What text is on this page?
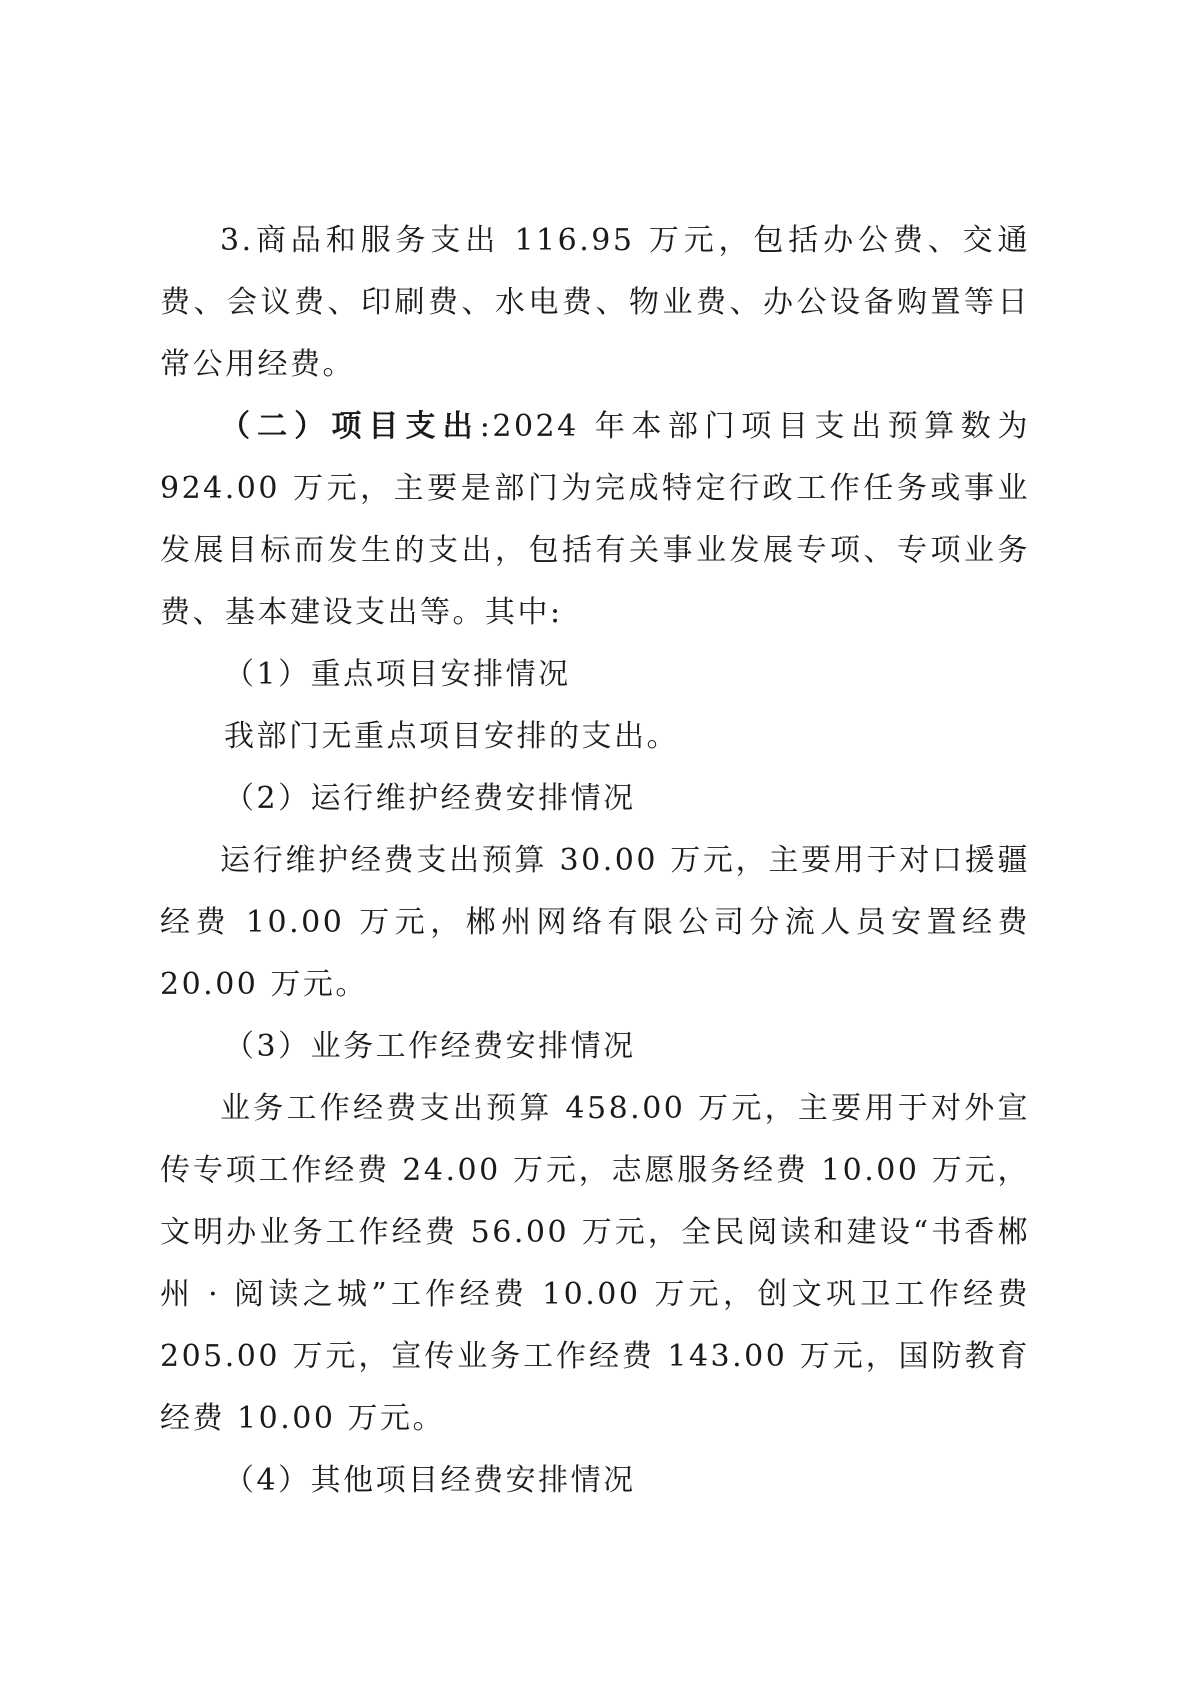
3.商品和服务支出 116.95 万元，包括办公费、交通费、会议费、印刷费、水电费、物业费、办公设备购置等日常公用经费。

（二）项目支出:2024 年本部门项目支出预算数为 924.00 万元，主要是部门为完成特定行政工作任务或事业发展目标而发生的支出，包括有关事业发展专项、专项业务费、基本建设支出等。其中:

（1）重点项目安排情况

我部门无重点项目安排的支出。

（2）运行维护经费安排情况

运行维护经费支出预算 30.00 万元，主要用于对口援疆经费 10.00 万元，郴州网络有限公司分流人员安置经费 20.00 万元。

（3）业务工作经费安排情况

业务工作经费支出预算 458.00 万元，主要用于对外宣传专项工作经费 24.00 万元，志愿服务经费 10.00 万元，文明办业务工作经费 56.00 万元，全民阅读和建设“书香郴州 · 阅读之城”工作经费 10.00 万元，创文巩卫工作经费 205.00 万元，宣传业务工作经费 143.00 万元，国防教育经费 10.00 万元。

（4）其他项目经费安排情况
